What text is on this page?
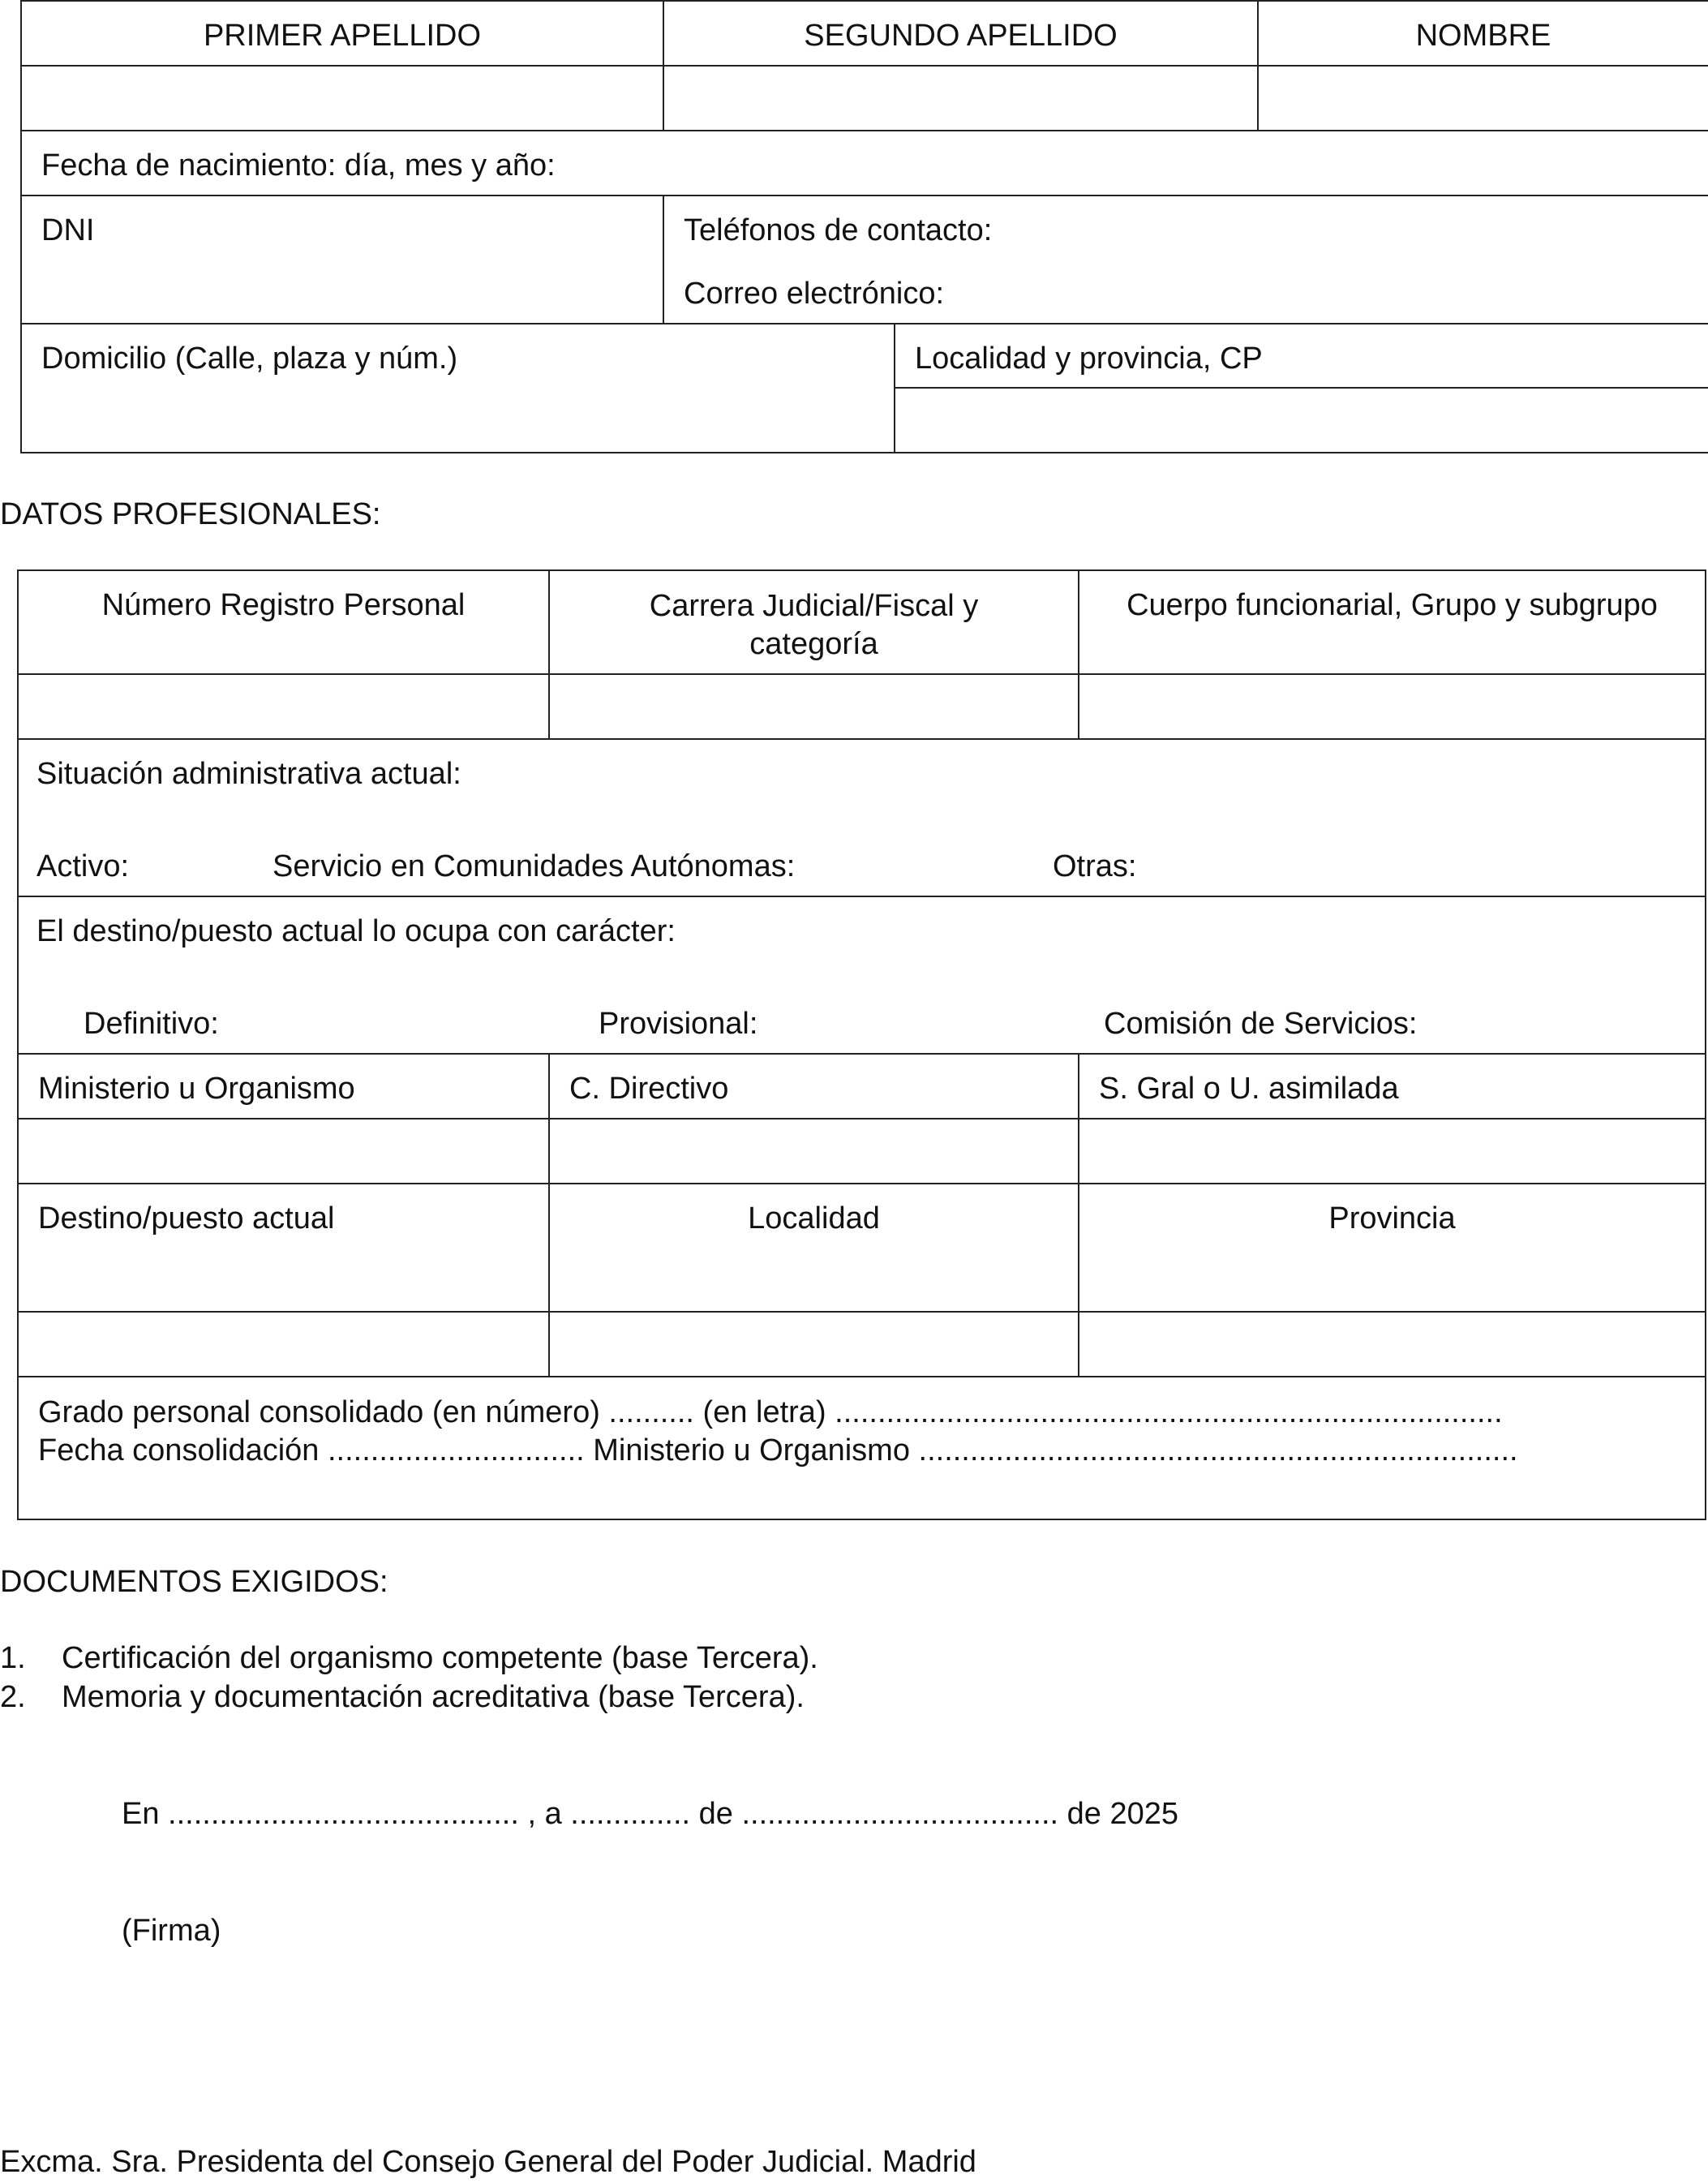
PRIMER APELLIDO	SEGUNDO APELLIDO		NOMBRE

Fecha de nacimiento: día, mes y año:			
DNI	Teléfonos de contacto:
Correo electrónico:		

Domicilio (Calle, plaza y núm.)		Localidad y provincia, CP	

DATOS PROFESIONALES:
Número Registro Personal	Carrera Judicial/Fiscal y categoría	Cuerpo funcionarial, Grupo y subgrupo

Situación administrativa actual:
Activo: Servicio en Comunidades Autónomas: Otras:		

El destino/puesto actual lo ocupa con carácter:
Definitivo: Provisional: Comisión de Servicios:		

Ministerio u Organismo	C. Directivo	S. Gral o U. asimilada

Destino/puesto actual	Localidad	Provincia

Grado personal consolidado (en número) .......... (en letra) ..............................................................................
Fecha consolidación .............................. Ministerio u Organismo ......................................................................		
DOCUMENTOS EXIGIDOS:
1. Certificación del organismo competente (base Tercera).
2. Memoria y documentación acreditativa (base Tercera).
En ......................................... , a .............. de ..................................... de 2025
(Firma)
Excma. Sra. Presidenta del Consejo General del Poder Judicial. Madrid
